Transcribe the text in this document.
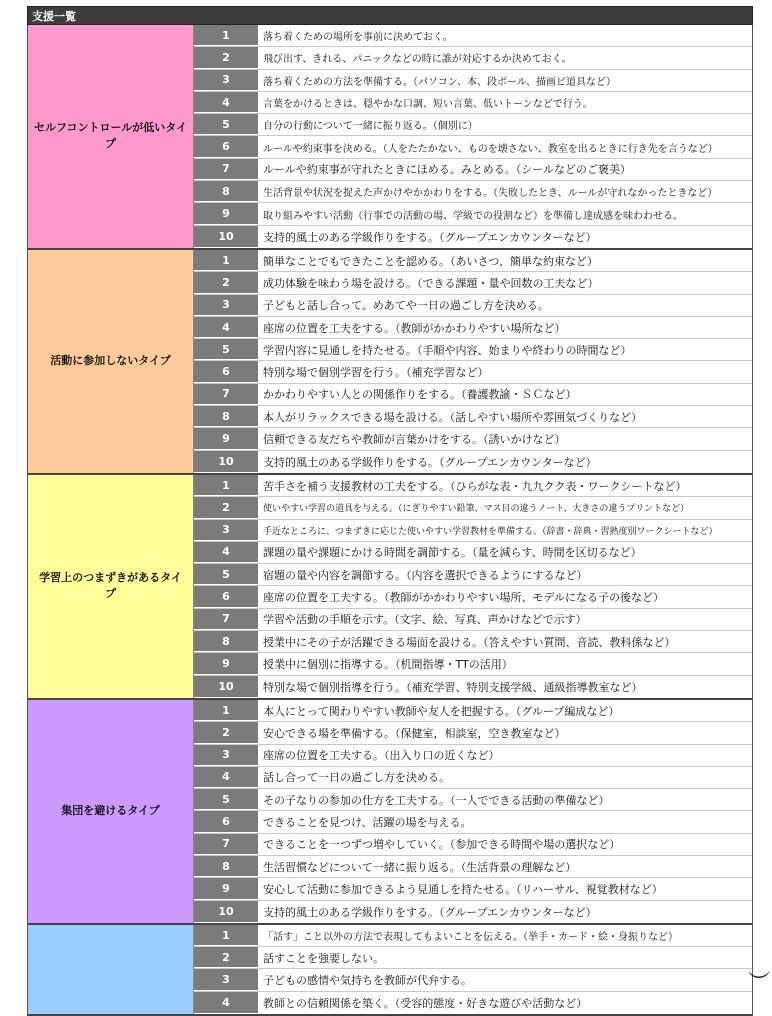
支援一覧
セルフコントロールが低いタイプ
1	落ち着くための場所を事前に決めておく。
2	飛び出す、きれる、パニックなどの時に誰が対応するか決めておく。
3	落ち着くための方法を準備する。（パソコン、本、段ボール、描画ビ道具など）
4	言葉をかけるときは、穏やかな口調、短い言葉、低いトーンなどで行う。
5	自分の行動について一緒に振り返る。（個別に）
6	ルールや約束事を決める。（人をたたかない、ものを壊さない、教室を出るときに行き先を言うなど）
7	ルールや約束事が守れたときにほめる、みとめる。（シールなどのご褒美）
8	生活背景や状況を捉えた声かけやかかわりをする。（失敗したとき、ルールが守れなかったときなど）
9	取り組みやすい活動（行事での活動の場、学級での役割など）を準備し達成感を味わわせる。
10	支持的風土のある学級作りをする。（グループエンカウンターなど）
活動に参加しないタイプ
1	簡単なことでもできたことを認める。（あいさつ、簡単な約束など）
2	成功体験を味わう場を設ける。（できる課題・量や回数の工夫など）
3	子どもと話し合って、めあてや一日の過ごし方を決める。
4	座席の位置を工夫をする。（教師がかかわりやすい場所など）
5	学習内容に見通しを持たせる。（手順や内容、始まりや終わりの時間など）
6	特別な場で個別学習を行う。（補充学習など）
7	かかわりやすい人との関係作りをする。（養護教諭・ＳＣなど）
8	本人がリラックスできる場を設ける。（話しやすい場所や雰囲気づくりなど）
9	信頼できる友だちや教師が言葉かけをする。（誘いかけなど）
10	支持的風土のある学級作りをする。（グループエンカウンターなど）
学習上のつまずきがあるタイプ
1	苦手さを補う支援教材の工夫をする。（ひらがな表・九九クク表・ワークシートなど）
2	使いやすい学習の道具を与える。（にぎりやすい鉛筆、マス目の違うノート、大きさの違うプリントなど）
3	手近なところに、つまずきに応じた使いやすい学習教材を準備する。（辞書・辞典・習熟度別ワークシートなど）
4	課題の量や課題にかける時間を調節する。（量を減らす、時間を区切るなど）
5	宿題の量や内容を調節する。（内容を選択できるようにするなど）
6	座席の位置を工夫する。（教師がかかわりやすい場所、モデルになる子の後など）
7	学習や活動の手順を示す。（文字、絵、写真、声かけなどで示す）
8	授業中にその子が活躍できる場面を設ける。（答えやすい質問、音読、教科係など）
9	授業中に個別に指導する。（机間指導・TTの活用）
10	特別な場で個別指導を行う。（補充学習、特別支援学級、通級指導教室など）
集団を避けるタイプ
1	本人にとって関わりやすい教師や友人を把握する。（グループ編成など）
2	安心できる場を準備する。（保健室，相談室，空き教室など）
3	座席の位置を工夫する。（出入り口の近くなど）
4	話し合って一日の過ごし方を決める。
5	その子なりの参加の仕方を工夫する。（一人でできる活動の準備など）
6	できることを見つけ、活躍の場を与える。
7	できることを一つずつ増やしていく。（参加できる時間や場の選択など）
8	生活習慣などについて一緒に振り返る。（生活背景の理解など）
9	安心して活動に参加できるよう見通しを持たせる。（リハーサル、視覚教材など）
10	支持的風土のある学級作りをする。（グループエンカウンターなど）
1	「話す」こと以外の方法で表現してもよいことを伝える。（挙手・カード・絵・身振りなど）
2	話すことを強要しない。
3	子どもの感情や気持ちを教師が代弁する。
4	教師との信頼関係を築く。（受容的態度・好きな遊びや活動など）
︶
